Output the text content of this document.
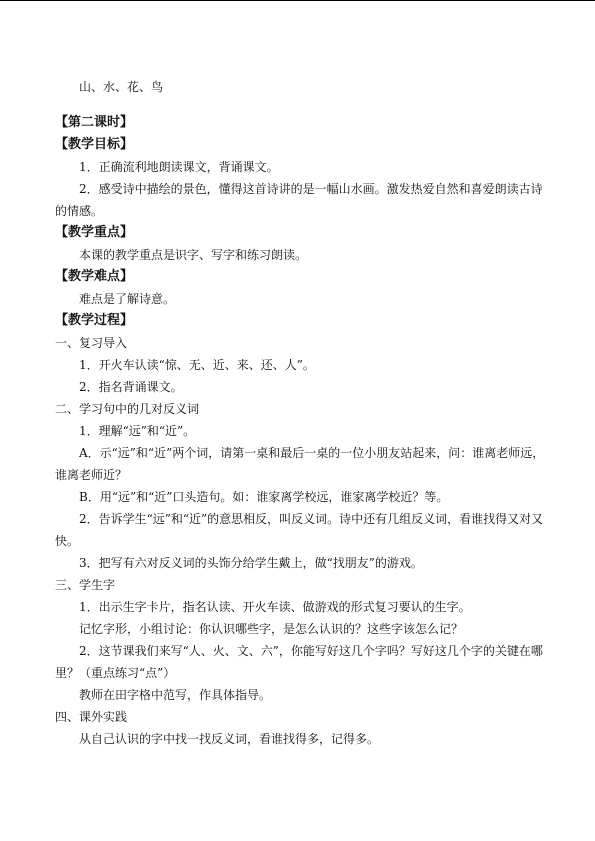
山、水、花、鸟

【第二课时】

【教学目标】

1．正确流利地朗读课文，背诵课文。

2．感受诗中描绘的景色，懂得这首诗讲的是一幅山水画。激发热爱自然和喜爱朗读古诗的情感。

【教学重点】

本课的教学重点是识字、写字和练习朗读。

【教学难点】

难点是了解诗意。

【教学过程】

一、复习导入

1．开火车认读“惊、无、近、来、还、人”。

2．指名背诵课文。

二、学习句中的几对反义词

1．理解“远”和“近”。

A．示“远”和“近”两个词，请第一桌和最后一桌的一位小朋友站起来，问：谁离老师远，谁离老师近？

B．用“远”和“近”口头造句。如：谁家离学校远，谁家离学校近？等。

2．告诉学生“远”和“近”的意思相反，叫反义词。诗中还有几组反义词，看谁找得又对又快。

3．把写有六对反义词的头饰分给学生戴上，做“找朋友”的游戏。

三、学生字

1．出示生字卡片，指名认读、开火车读、做游戏的形式复习要认的生字。

记忆字形，小组讨论：你认识哪些字，是怎么认识的？这些字该怎么记？

2．这节课我们来写“人、火、文、六”，你能写好这几个字吗？写好这几个字的关键在哪里？（重点练习“点”）

教师在田字格中范写，作具体指导。

四、课外实践

从自己认识的字中找一找反义词，看谁找得多，记得多。
